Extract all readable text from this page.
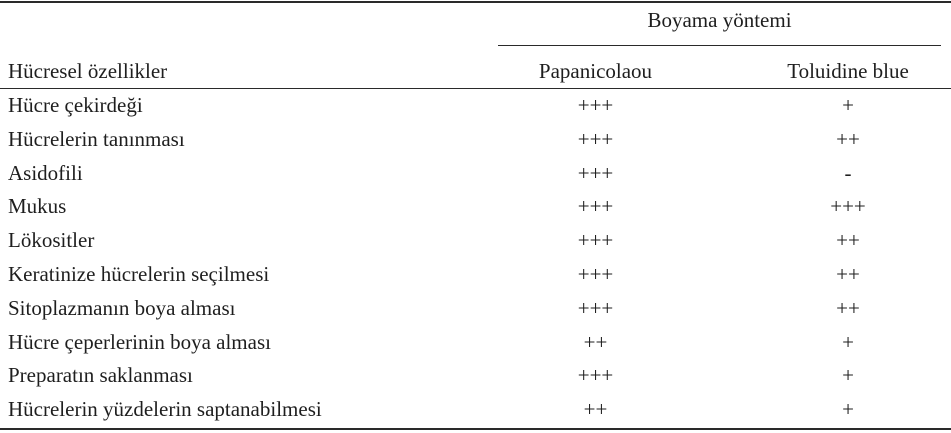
Boyama yöntemi
Hücresel özellikler	Papanicolaou	Toluidine blue
Hücre çekirdeği	+++	+
Hücrelerin tanınması	+++	++
Asidofili	+++	-
Mukus	+++	+++
Lökositler	+++	++
Keratinize hücrelerin seçilmesi	+++	++
Sitoplazmanın boya alması	+++	++
Hücre çeperlerinin boya alması	++	+
Preparatın saklanması	+++	+
Hücrelerin yüzdelerin saptanabilmesi	++	+
